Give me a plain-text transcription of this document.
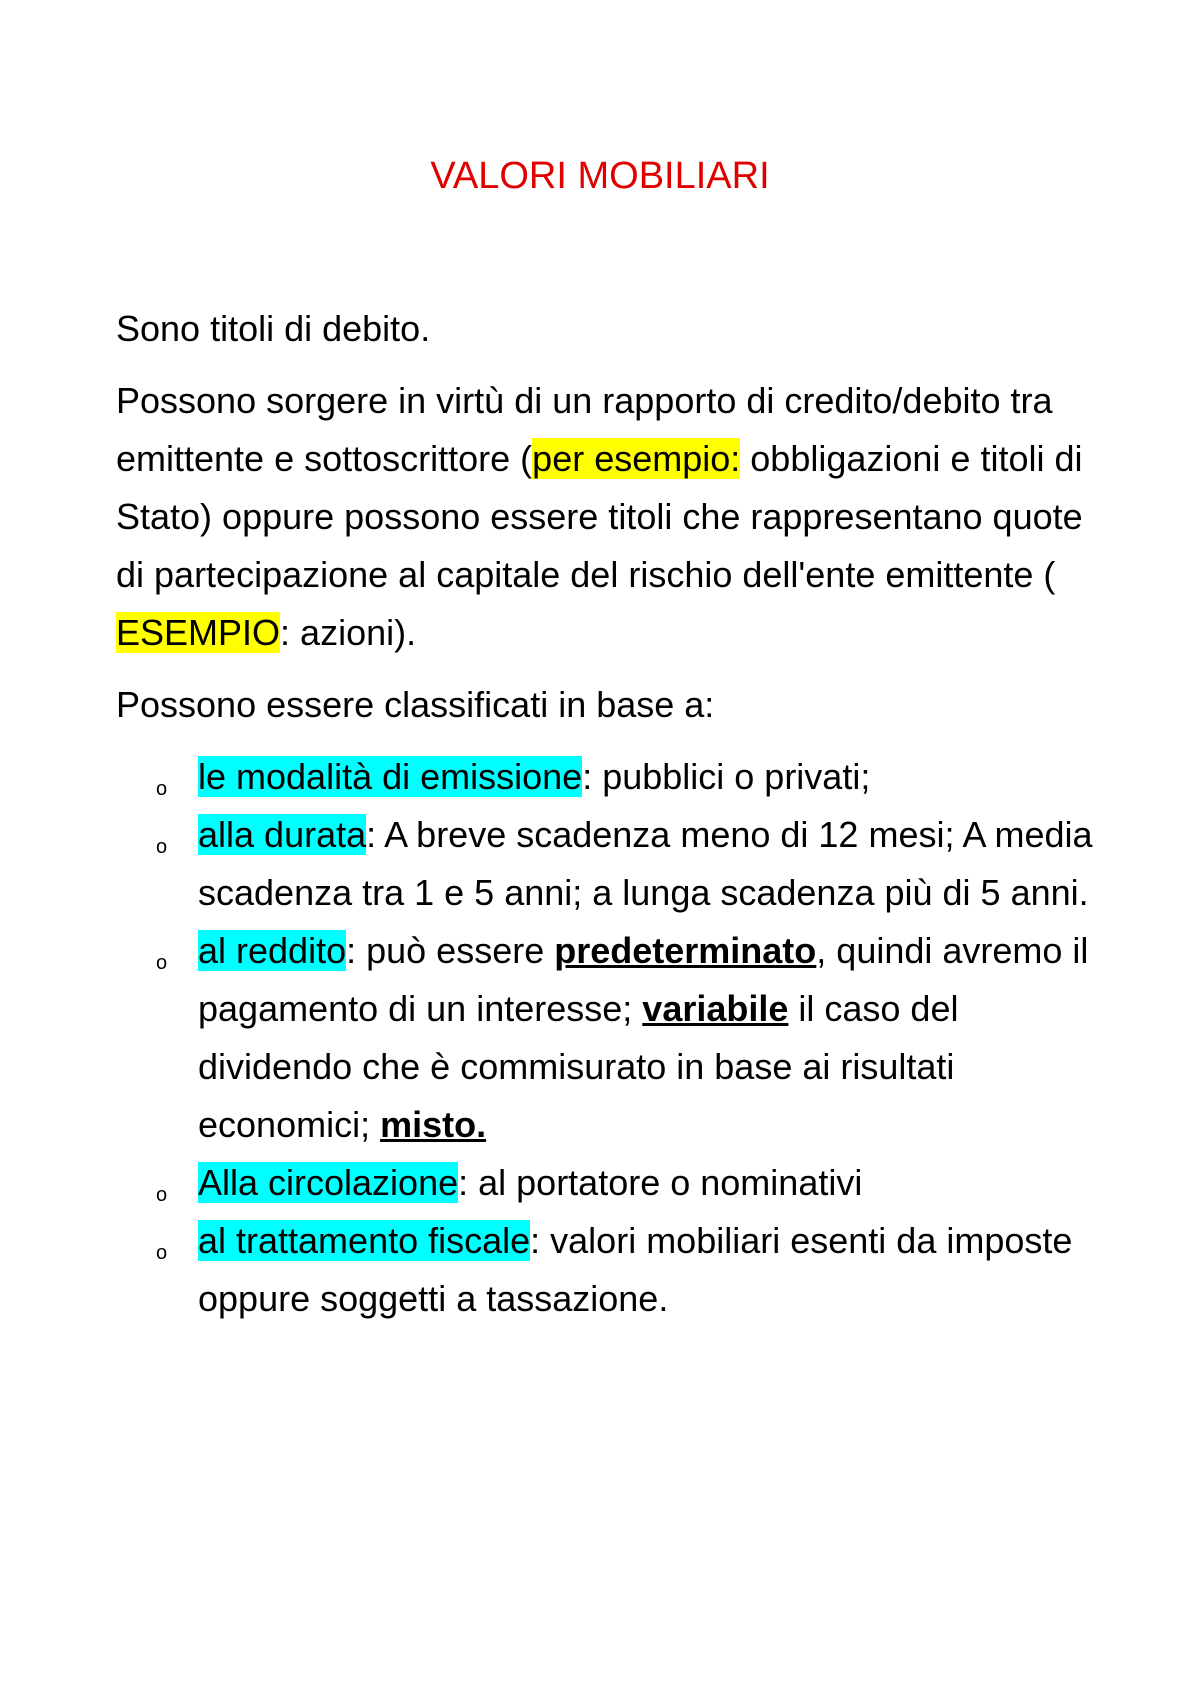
VALORI MOBILIARI

Sono titoli di debito.

Possono sorgere in virtù di un rapporto di credito/debito tra emittente e sottoscrittore (per esempio: obbligazioni e titoli di Stato) oppure possono essere titoli che rappresentano quote di partecipazione al capitale del rischio dell'ente emittente ( ESEMPIO: azioni).

Possono essere classificati in base a:

o le modalità di emissione: pubblici o privati;
o alla durata: A breve scadenza meno di 12 mesi; A media scadenza tra 1 e 5 anni; a lunga scadenza più di 5 anni.
o al reddito: può essere predeterminato, quindi avremo il pagamento di un interesse; variabile il caso del dividendo che è commisurato in base ai risultati economici; misto.
o Alla circolazione: al portatore o nominativi
o al trattamento fiscale: valori mobiliari esenti da imposte oppure soggetti a tassazione.
